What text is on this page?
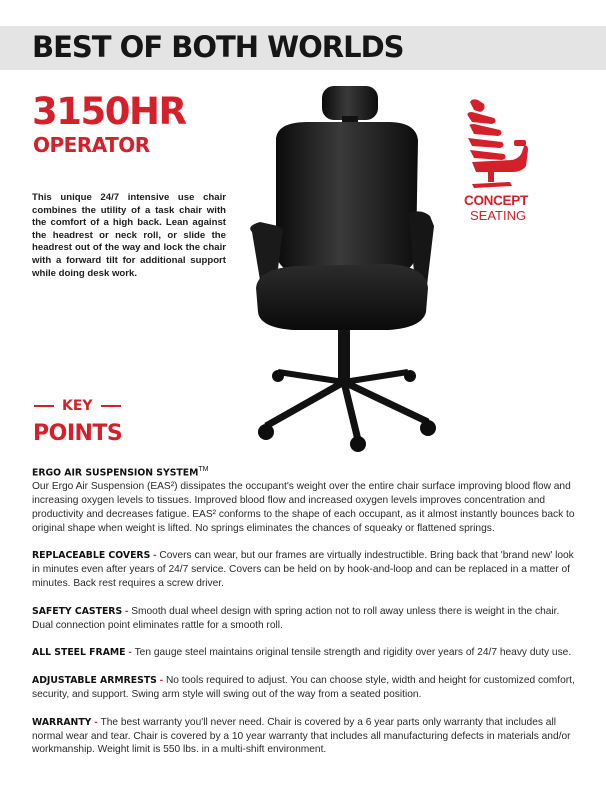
BEST OF BOTH WORLDS
3150HR
OPERATOR
This unique 24/7 intensive use chair combines the utility of a task chair with the comfort of a high back. Lean against the headrest or neck roll, or slide the headrest out of the way and lock the chair with a forward tilt for additional support while doing desk work.
CONCEPT
SEATING
KEY
POINTS
ERGO AIR SUSPENSION SYSTEM™
Our Ergo Air Suspension (EAS²) dissipates the occupant's weight over the entire chair surface improving blood flow and increasing oxygen levels to tissues. Improved blood flow and increased oxygen levels improves concentration and productivity and decreases fatigue. EAS² conforms to the shape of each occupant, as it almost instantly bounces back to original shape when weight is lifted. No springs eliminates the chances of squeaky or flattened springs.
REPLACEABLE COVERS - Covers can wear, but our frames are virtually indestructible. Bring back that 'brand new' look in minutes even after years of 24/7 service. Covers can be held on by hook-and-loop and can be replaced in a matter of minutes. Back rest requires a screw driver.
SAFETY CASTERS - Smooth dual wheel design with spring action not to roll away unless there is weight in the chair. Dual connection point eliminates rattle for a smooth roll.
ALL STEEL FRAME - Ten gauge steel maintains original tensile strength and rigidity over years of 24/7 heavy duty use.
ADJUSTABLE ARMRESTS - No tools required to adjust. You can choose style, width and height for customized comfort, security, and support. Swing arm style will swing out of the way from a seated position.
WARRANTY - The best warranty you'll never need. Chair is covered by a 6 year parts only warranty that includes all normal wear and tear. Chair is covered by a 10 year warranty that includes all manufacturing defects in materials and/or workmanship. Weight limit is 550 lbs. in a multi-shift environment.
